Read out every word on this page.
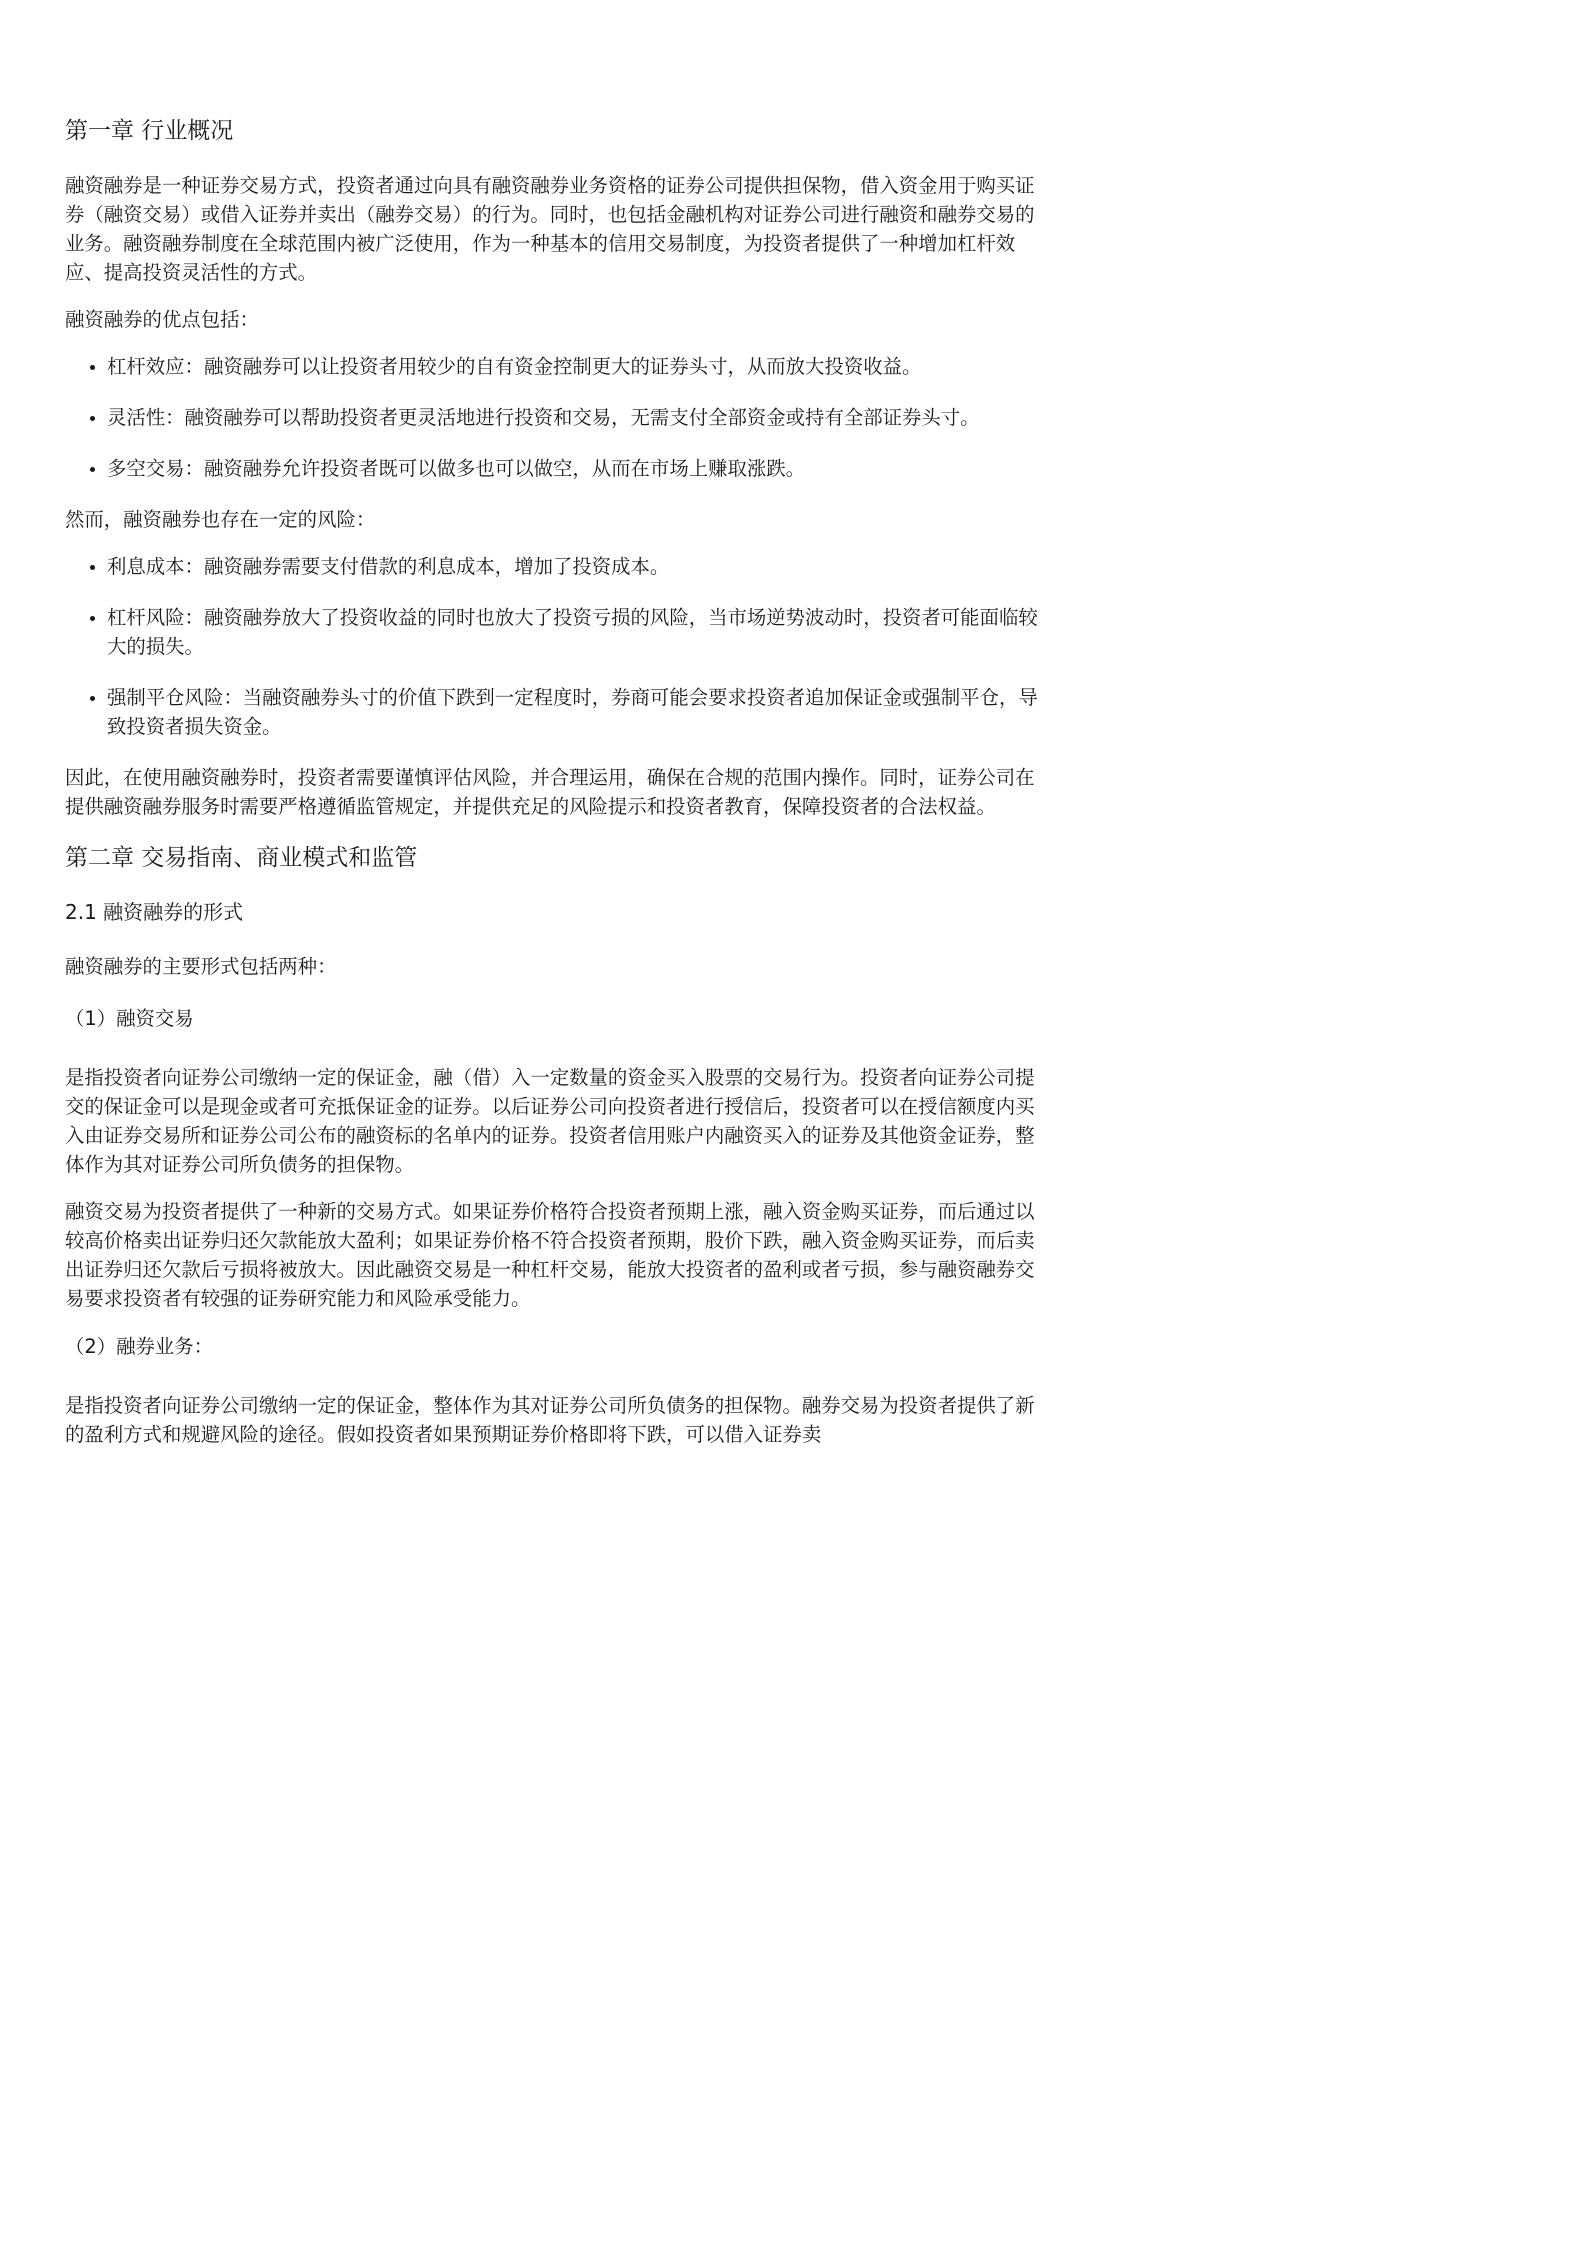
第一章 行业概况

融资融券是一种证券交易方式，投资者通过向具有融资融券业务资格的证券公司提供担保物，借入资金用于购买证券（融资交易）或借入证券并卖出（融券交易）的行为。同时，也包括金融机构对证券公司进行融资和融券交易的业务。融资融券制度在全球范围内被广泛使用，作为一种基本的信用交易制度，为投资者提供了一种增加杠杆效应、提高投资灵活性的方式。

融资融券的优点包括：

• 杠杆效应：融资融券可以让投资者用较少的自有资金控制更大的证券头寸，从而放大投资收益。
• 灵活性：融资融券可以帮助投资者更灵活地进行投资和交易，无需支付全部资金或持有全部证券头寸。
• 多空交易：融资融券允许投资者既可以做多也可以做空，从而在市场上赚取涨跌。

然而，融资融券也存在一定的风险：

• 利息成本：融资融券需要支付借款的利息成本，增加了投资成本。
• 杠杆风险：融资融券放大了投资收益的同时也放大了投资亏损的风险，当市场逆势波动时，投资者可能面临较大的损失。
• 强制平仓风险：当融资融券头寸的价值下跌到一定程度时，券商可能会要求投资者追加保证金或强制平仓，导致投资者损失资金。

因此，在使用融资融券时，投资者需要谨慎评估风险，并合理运用，确保在合规的范围内操作。同时，证券公司在提供融资融券服务时需要严格遵循监管规定，并提供充足的风险提示和投资者教育，保障投资者的合法权益。

第二章 交易指南、商业模式和监管
2.1 融资融券的形式

融资融券的主要形式包括两种：

（1）融资交易

是指投资者向证券公司缴纳一定的保证金，融（借）入一定数量的资金买入股票的交易行为。投资者向证券公司提交的保证金可以是现金或者可充抵保证金的证券。以后证券公司向投资者进行授信后，投资者可以在授信额度内买入由证券交易所和证券公司公布的融资标的名单内的证券。投资者信用账户内融资买入的证券及其他资金证券，整体作为其对证券公司所负债务的担保物。

融资交易为投资者提供了一种新的交易方式。如果证券价格符合投资者预期上涨，融入资金购买证券，而后通过以较高价格卖出证券归还欠款能放大盈利；如果证券价格不符合投资者预期，股价下跌，融入资金购买证券，而后卖出证券归还欠款后亏损将被放大。因此融资交易是一种杠杆交易，能放大投资者的盈利或者亏损，参与融资融券交易要求投资者有较强的证券研究能力和风险承受能力。

（2）融券业务：

是指投资者向证券公司缴纳一定的保证金，整体作为其对证券公司所负债务的担保物。融券交易为投资者提供了新的盈利方式和规避风险的途径。假如投资者如果预期证券价格即将下跌，可以借入证券卖
